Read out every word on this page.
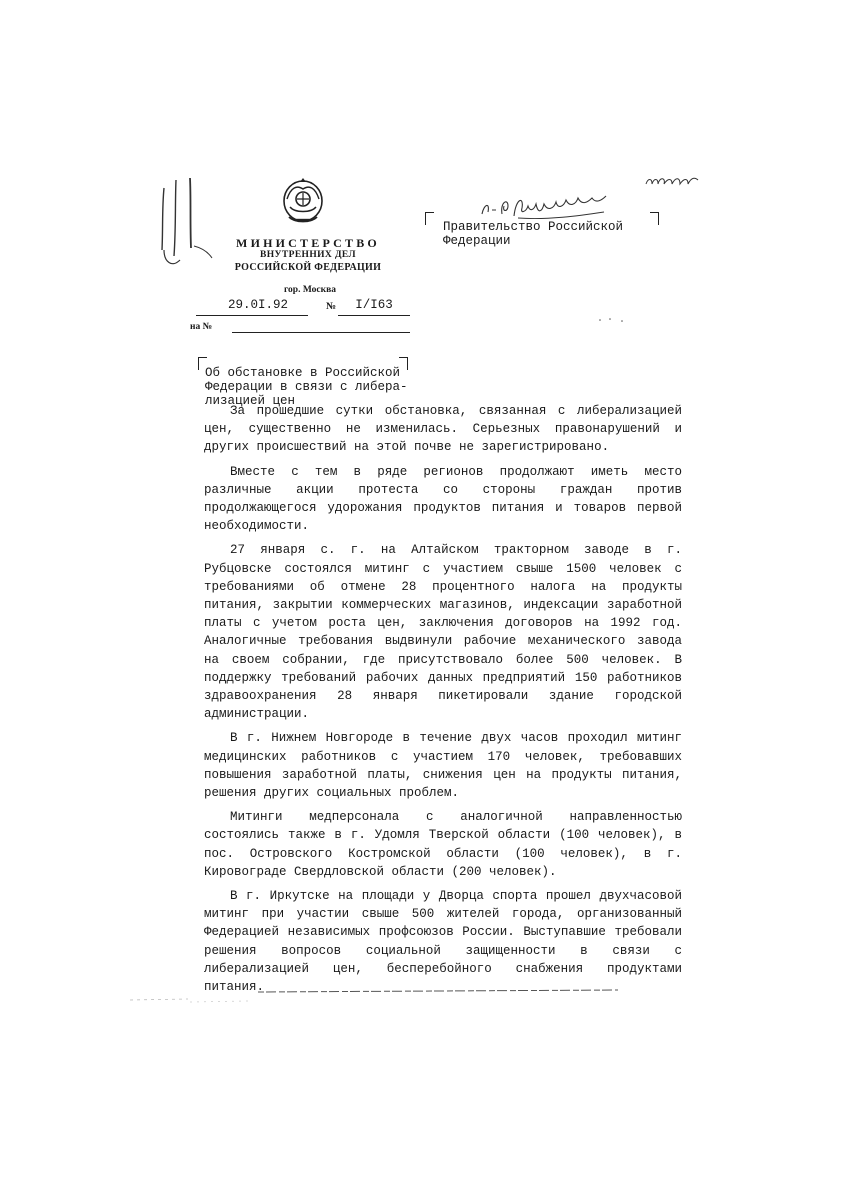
МИНИСТЕРСТВО
ВНУТРЕННИХ ДЕЛ
РОССИЙСКОЙ ФЕДЕРАЦИИ
гор. Москва
29.0I.92	№	I/I63
на №
Правительство Российской
Федерации
Об обстановке в Российской
Федерации в связи с либера-
лизацией цен

За прошедшие сутки обстановка, связанная с либерализацией цен, существенно не изменилась. Серьезных правонарушений и других происшествий на этой почве не зарегистрировано.

Вместе с тем в ряде регионов продолжают иметь место различные акции протеста со стороны граждан против продолжающегося удорожания продуктов питания и товаров первой необходимости.

27 января с. г. на Алтайском тракторном заводе в г. Рубцовске состоялся митинг с участием свыше 1500 человек с требованиями об отмене 28 процентного налога на продукты питания, закрытии коммерческих магазинов, индексации заработной платы с учетом роста цен, заключения договоров на 1992 год. Аналогичные требования выдвинули рабочие механического завода на своем собрании, где присутствовало более 500 человек. В поддержку требований рабочих данных предприятий 150 работников здравоохранения 28 января пикетировали здание городской администрации.

В г. Нижнем Новгороде в течение двух часов проходил митинг медицинских работников с участием 170 человек, требовавших повышения заработной платы, снижения цен на продукты питания, решения других социальных проблем.

Митинги медперсонала с аналогичной направленностью состоялись также в г. Удомля Тверской области (100 человек), в пос. Островского Костромской области (100 человек), в г. Кировограде Свердловской области (200 человек).

В г. Иркутске на площади у Дворца спорта прошел двухчасовой митинг при участии свыше 500 жителей города, организованный Федерацией независимых профсоюзов России. Выступавшие требовали решения вопросов социальной защищенности в связи с либерализацией цен, бесперебойного снабжения продуктами питания.
